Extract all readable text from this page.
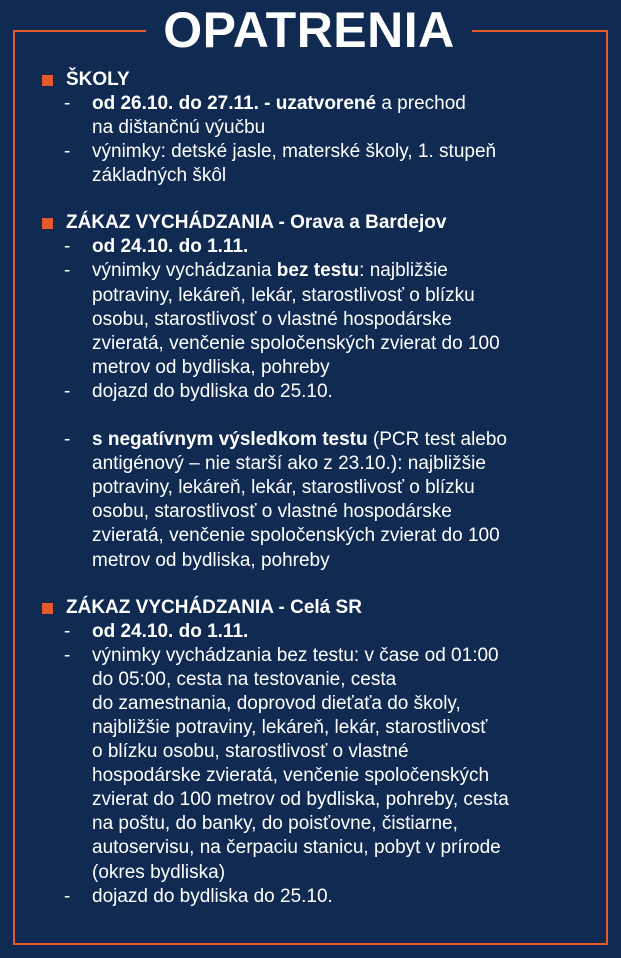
OPATRENIA
ŠKOLY
- od 26.10. do 27.11. - uzatvorené a prechod
na dištančnú výučbu
- výnimky: detské jasle, materské školy, 1. stupeň
základných škôl
ZÁKAZ VYCHÁDZANIA - Orava a Bardejov
- od 24.10. do 1.11.
- výnimky vychádzania bez testu: najbližšie
potraviny, lekáreň, lekár, starostlivosť o blízku
osobu, starostlivosť o vlastné hospodárske
zvieratá, venčenie spoločenských zvierat do 100
metrov od bydliska, pohreby
- dojazd do bydliska do 25.10.
- s negatívnym výsledkom testu (PCR test alebo
antigénový – nie starší ako z 23.10.): najbližšie
potraviny, lekáreň, lekár, starostlivosť o blízku
osobu, starostlivosť o vlastné hospodárske
zvieratá, venčenie spoločenských zvierat do 100
metrov od bydliska, pohreby
ZÁKAZ VYCHÁDZANIA - Celá SR
- od 24.10. do 1.11.
- výnimky vychádzania bez testu: v čase od 01:00
do 05:00, cesta na testovanie, cesta
do zamestnania, doprovod dieťaťa do školy,
najbližšie potraviny, lekáreň, lekár, starostlivosť
o blízku osobu, starostlivosť o vlastné
hospodárske zvieratá, venčenie spoločenských
zvierat do 100 metrov od bydliska, pohreby, cesta
na poštu, do banky, do poisťovne, čistiarne,
autoservisu, na čerpaciu stanicu, pobyt v prírode
(okres bydliska)
- dojazd do bydliska do 25.10.
